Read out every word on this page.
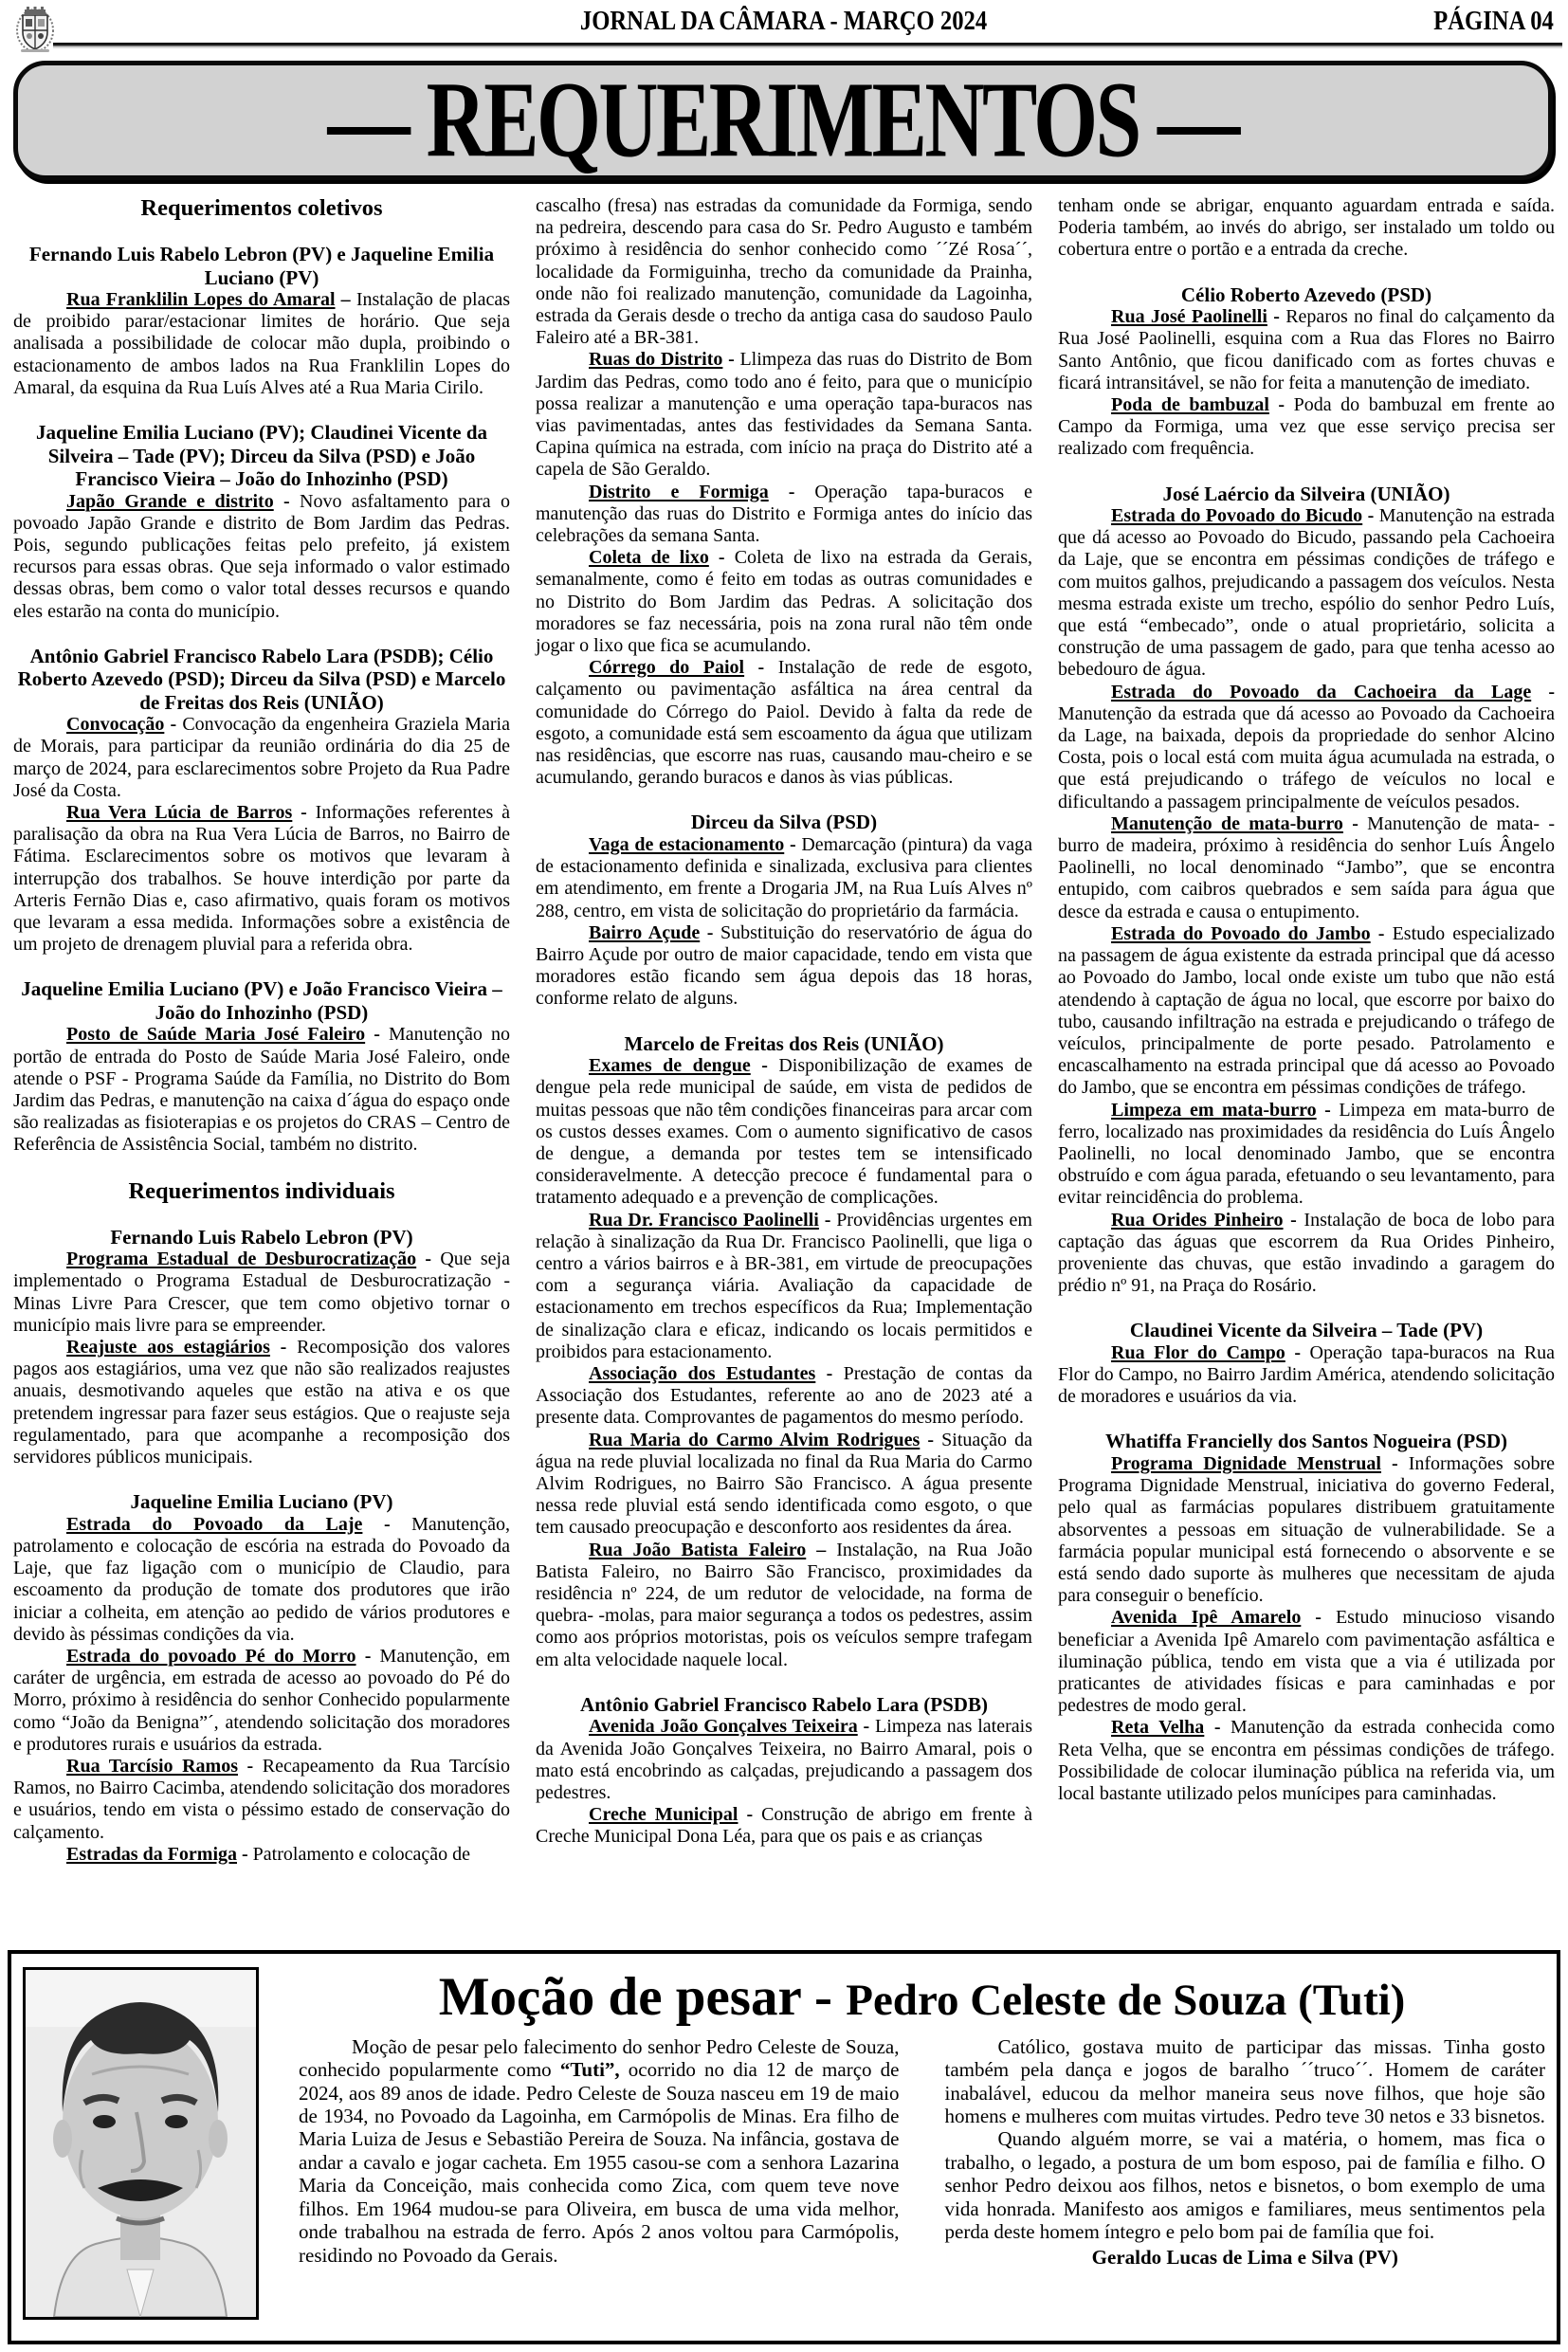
JORNAL DA CÂMARA - MARÇO 2024	PÁGINA 04
— REQUERIMENTOS —
Requerimentos coletivos
Fernando Luis Rabelo Lebron (PV) e Jaqueline Emilia Luciano (PV)

Rua Franklilin Lopes do Amaral – Instalação de placas de proibido parar/estacionar limites de horário. Que seja analisada a possibilidade de colocar mão dupla, proibindo o estacionamento de ambos lados na Rua Franklilin Lopes do Amaral, da esquina da Rua Luís Alves até a Rua Maria Cirilo.

Jaqueline Emilia Luciano (PV); Claudinei Vicente da Silveira – Tade (PV); Dirceu da Silva (PSD) e João Francisco Vieira – João do Inhozinho (PSD)

Japão Grande e distrito - Novo asfaltamento para o povoado Japão Grande e distrito de Bom Jardim das Pedras. Pois, segundo publicações feitas pelo prefeito, já existem recursos para essas obras. Que seja informado o valor estimado dessas obras, bem como o valor total desses recursos e quando eles estarão na conta do município.

Antônio Gabriel Francisco Rabelo Lara (PSDB); Célio Roberto Azevedo (PSD); Dirceu da Silva (PSD) e Marcelo de Freitas dos Reis (UNIÃO)

Convocação - Convocação da engenheira Graziela Maria de Morais, para participar da reunião ordinária do dia 25 de março de 2024, para esclarecimentos sobre Projeto da Rua Padre José da Costa.

Rua Vera Lúcia de Barros - Informações referentes à paralisação da obra na Rua Vera Lúcia de Barros, no Bairro de Fátima. Esclarecimentos sobre os motivos que levaram à interrupção dos trabalhos. Se houve interdição por parte da Arteris Fernão Dias e, caso afirmativo, quais foram os motivos que levaram a essa medida. Informações sobre a existência de um projeto de drenagem pluvial para a referida obra.

Jaqueline Emilia Luciano (PV) e João Francisco Vieira – João do Inhozinho (PSD)

Posto de Saúde Maria José Faleiro - Manutenção no portão de entrada do Posto de Saúde Maria José Faleiro, onde atende o PSF - Programa Saúde da Família, no Distrito do Bom Jardim das Pedras, e manutenção na caixa d´água do espaço onde são realizadas as fisioterapias e os projetos do CRAS – Centro de Referência de Assistência Social, também no distrito.

Requerimentos individuais
Fernando Luis Rabelo Lebron (PV)

Programa Estadual de Desburocratização - Que seja implementado o Programa Estadual de Desburocratização - Minas Livre Para Crescer, que tem como objetivo tornar o município mais livre para se empreender.

Reajuste aos estagiários - Recomposição dos valores pagos aos estagiários, uma vez que não são realizados reajustes anuais, desmotivando aqueles que estão na ativa e os que pretendem ingressar para fazer seus estágios. Que o reajuste seja regulamentado, para que acompanhe a recomposição dos servidores públicos municipais.

Jaqueline Emilia Luciano (PV)

Estrada do Povoado da Laje - Manutenção, patrolamento e colocação de escória na estrada do Povoado da Laje, que faz ligação com o município de Claudio, para escoamento da produção de tomate dos produtores que irão iniciar a colheita, em atenção ao pedido de vários produtores e devido às péssimas condições da via.

Estrada do povoado Pé do Morro - Manutenção, em caráter de urgência, em estrada de acesso ao povoado do Pé do Morro, próximo à residência do senhor Conhecido popularmente como “João da Benigna”´, atendendo solicitação dos moradores e produtores rurais e usuários da estrada.

Rua Tarcísio Ramos - Recapeamento da Rua Tarcísio Ramos, no Bairro Cacimba, atendendo solicitação dos moradores e usuários, tendo em vista o péssimo estado de conservação do calçamento.

Estradas da Formiga - Patrolamento e colocação de

cascalho (fresa) nas estradas da comunidade da Formiga, sendo na pedreira, descendo para casa do Sr. Pedro Augusto e também próximo à residência do senhor conhecido como ´´Zé Rosa´´, localidade da Formiguinha, trecho da comunidade da Prainha, onde não foi realizado manutenção, comunidade da Lagoinha, estrada da Gerais desde o trecho da antiga casa do saudoso Paulo Faleiro até a BR-381.

Ruas do Distrito - Llimpeza das ruas do Distrito de Bom Jardim das Pedras, como todo ano é feito, para que o município possa realizar a manutenção e uma operação tapa-buracos nas vias pavimentadas, antes das festividades da Semana Santa. Capina química na estrada, com início na praça do Distrito até a capela de São Geraldo.

Distrito e Formiga - Operação tapa-buracos e manutenção das ruas do Distrito e Formiga antes do início das celebrações da semana Santa.

Coleta de lixo - Coleta de lixo na estrada da Gerais, semanalmente, como é feito em todas as outras comunidades e no Distrito do Bom Jardim das Pedras. A solicitação dos moradores se faz necessária, pois na zona rural não têm onde jogar o lixo que fica se acumulando.

Córrego do Paiol - Instalação de rede de esgoto, calçamento ou pavimentação asfáltica na área central da comunidade do Córrego do Paiol. Devido à falta da rede de esgoto, a comunidade está sem escoamento da água que utilizam nas residências, que escorre nas ruas, causando mau-cheiro e se acumulando, gerando buracos e danos às vias públicas.

Dirceu da Silva (PSD)

Vaga de estacionamento - Demarcação (pintura) da vaga de estacionamento definida e sinalizada, exclusiva para clientes em atendimento, em frente a Drogaria JM, na Rua Luís Alves nº 288, centro, em vista de solicitação do proprietário da farmácia.

Bairro Açude - Substituição do reservatório de água do Bairro Açude por outro de maior capacidade, tendo em vista que moradores estão ficando sem água depois das 18 horas, conforme relato de alguns.

Marcelo de Freitas dos Reis (UNIÃO)

Exames de dengue - Disponibilização de exames de dengue pela rede municipal de saúde, em vista de pedidos de muitas pessoas que não têm condições financeiras para arcar com os custos desses exames. Com o aumento significativo de casos de dengue, a demanda por testes tem se intensificado consideravelmente. A detecção precoce é fundamental para o tratamento adequado e a prevenção de complicações.

Rua Dr. Francisco Paolinelli - Providências urgentes em relação à sinalização da Rua Dr. Francisco Paolinelli, que liga o centro a vários bairros e à BR-381, em virtude de preocupações com a segurança viária. Avaliação da capacidade de estacionamento em trechos específicos da Rua; Implementação de sinalização clara e eficaz, indicando os locais permitidos e proibidos para estacionamento.

Associação dos Estudantes - Prestação de contas da Associação dos Estudantes, referente ao ano de 2023 até a presente data. Comprovantes de pagamentos do mesmo período.

Rua Maria do Carmo Alvim Rodrigues - Situação da água na rede pluvial localizada no final da Rua Maria do Carmo Alvim Rodrigues, no Bairro São Francisco. A água presente nessa rede pluvial está sendo identificada como esgoto, o que tem causado preocupação e desconforto aos residentes da área.

Rua João Batista Faleiro – Instalação, na Rua João Batista Faleiro, no Bairro São Francisco, proximidades da residência nº 224, de um redutor de velocidade, na forma de quebra- -molas, para maior segurança a todos os pedestres, assim como aos próprios motoristas, pois os veículos sempre trafegam em alta velocidade naquele local.

Antônio Gabriel Francisco Rabelo Lara (PSDB)

Avenida João Gonçalves Teixeira - Limpeza nas laterais da Avenida João Gonçalves Teixeira, no Bairro Amaral, pois o mato está encobrindo as calçadas, prejudicando a passagem dos pedestres.

Creche Municipal - Construção de abrigo em frente à Creche Municipal Dona Léa, para que os pais e as crianças

tenham onde se abrigar, enquanto aguardam entrada e saída. Poderia também, ao invés do abrigo, ser instalado um toldo ou cobertura entre o portão e a entrada da creche.

Célio Roberto Azevedo (PSD)

Rua José Paolinelli - Reparos no final do calçamento da Rua José Paolinelli, esquina com a Rua das Flores no Bairro Santo Antônio, que ficou danificado com as fortes chuvas e ficará intransitável, se não for feita a manutenção de imediato.

Poda de bambuzal - Poda do bambuzal em frente ao Campo da Formiga, uma vez que esse serviço precisa ser realizado com frequência.

José Laércio da Silveira (UNIÃO)

Estrada do Povoado do Bicudo - Manutenção na estrada que dá acesso ao Povoado do Bicudo, passando pela Cachoeira da Laje, que se encontra em péssimas condições de tráfego e com muitos galhos, prejudicando a passagem dos veículos. Nesta mesma estrada existe um trecho, espólio do senhor Pedro Luís, que está “embecado”, onde o atual proprietário, solicita a construção de uma passagem de gado, para que tenha acesso ao bebedouro de água.

Estrada do Povoado da Cachoeira da Lage - Manutenção da estrada que dá acesso ao Povoado da Cachoeira da Lage, na baixada, depois da propriedade do senhor Alcino Costa, pois o local está com muita água acumulada na estrada, o que está prejudicando o tráfego de veículos no local e dificultando a passagem principalmente de veículos pesados.

Manutenção de mata-burro - Manutenção de mata- -burro de madeira, próximo à residência do senhor Luís Ângelo Paolinelli, no local denominado “Jambo”, que se encontra entupido, com caibros quebrados e sem saída para água que desce da estrada e causa o entupimento.

Estrada do Povoado do Jambo - Estudo especializado na passagem de água existente da estrada principal que dá acesso ao Povoado do Jambo, local onde existe um tubo que não está atendendo à captação de água no local, que escorre por baixo do tubo, causando infiltração na estrada e prejudicando o tráfego de veículos, principalmente de porte pesado. Patrolamento e encascalhamento na estrada principal que dá acesso ao Povoado do Jambo, que se encontra em péssimas condições de tráfego.

Limpeza em mata-burro - Limpeza em mata-burro de ferro, localizado nas proximidades da residência do Luís Ângelo Paolinelli, no local denominado Jambo, que se encontra obstruído e com água parada, efetuando o seu levantamento, para evitar reincidência do problema.

Rua Orides Pinheiro - Instalação de boca de lobo para captação das águas que escorrem da Rua Orides Pinheiro, proveniente das chuvas, que estão invadindo a garagem do prédio nº 91, na Praça do Rosário.

Claudinei Vicente da Silveira – Tade (PV)

Rua Flor do Campo - Operação tapa-buracos na Rua Flor do Campo, no Bairro Jardim América, atendendo solicitação de moradores e usuários da via.

Whatiffa Francielly dos Santos Nogueira (PSD)

Programa Dignidade Menstrual - Informações sobre Programa Dignidade Menstrual, iniciativa do governo Federal, pelo qual as farmácias populares distribuem gratuitamente absorventes a pessoas em situação de vulnerabilidade. Se a farmácia popular municipal está fornecendo o absorvente e se está sendo dado suporte às mulheres que necessitam de ajuda para conseguir o benefício.

Avenida Ipê Amarelo - Estudo minucioso visando beneficiar a Avenida Ipê Amarelo com pavimentação asfáltica e iluminação pública, tendo em vista que a via é utilizada por praticantes de atividades físicas e para caminhadas e por pedestres de modo geral.

Reta Velha - Manutenção da estrada conhecida como Reta Velha, que se encontra em péssimas condições de tráfego. Possibilidade de colocar iluminação pública na referida via, um local bastante utilizado pelos munícipes para caminhadas.

Moção de pesar - Pedro Celeste de Souza (Tuti)

Moção de pesar pelo falecimento do senhor Pedro Celeste de Souza, conhecido popularmente como “Tuti”, ocorrido no dia 12 de março de 2024, aos 89 anos de idade. Pedro Celeste de Souza nasceu em 19 de maio de 1934, no Povoado da Lagoinha, em Carmópolis de Minas. Era filho de Maria Luiza de Jesus e Sebastião Pereira de Souza. Na infância, gostava de andar a cavalo e jogar cacheta. Em 1955 casou-se com a senhora Lazarina Maria da Conceição, mais conhecida como Zica, com quem teve nove filhos. Em 1964 mudou-se para Oliveira, em busca de uma vida melhor, onde trabalhou na estrada de ferro. Após 2 anos voltou para Carmópolis, residindo no Povoado da Gerais.

Católico, gostava muito de participar das missas. Tinha gosto também pela dança e jogos de baralho ´´truco´´. Homem de caráter inabalável, educou da melhor maneira seus nove filhos, que hoje são homens e mulheres com muitas virtudes. Pedro teve 30 netos e 33 bisnetos.

Quando alguém morre, se vai a matéria, o homem, mas fica o trabalho, o legado, a postura de um bom esposo, pai de família e filho. O senhor Pedro deixou aos filhos, netos e bisnetos, o bom exemplo de uma vida honrada. Manifesto aos amigos e familiares, meus sentimentos pela perda deste homem íntegro e pelo bom pai de família que foi.

Geraldo Lucas de Lima e Silva (PV)
